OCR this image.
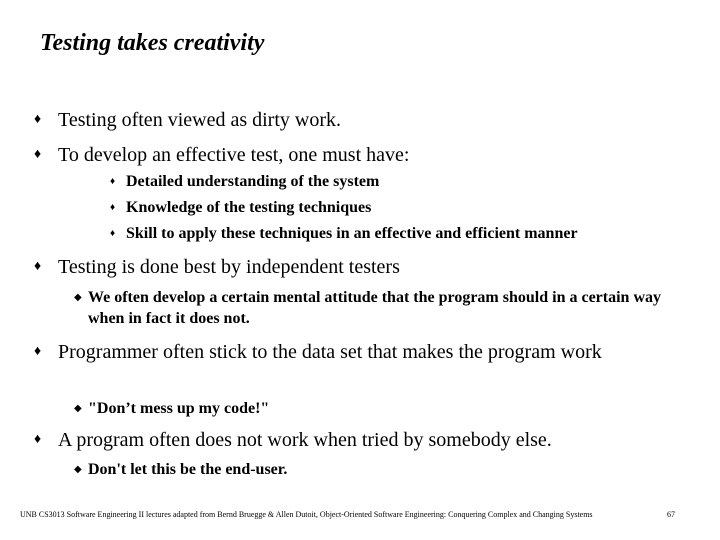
Testing takes creativity
♦ Testing often viewed as dirty work.
♦ To develop an effective test, one must have:
♦ Detailed understanding of the system
♦ Knowledge of the testing techniques
♦ Skill to apply these techniques in an effective and efficient manner
♦ Testing is done best by independent testers
◆ We often develop a certain mental attitude that the program should in a certain way when in fact it does not.
♦ Programmer often stick to the data set that makes the program work
◆ "Don’t mess up my code!"
♦ A program often does not work when tried by somebody else.
◆ Don't let this be the end-user.
UNB CS3013 Software Engineering II lectures adapted from Bernd Bruegge & Allen Dutoit, Object-Oriented Software Engineering: Conquering Complex and Changing Systems	67
